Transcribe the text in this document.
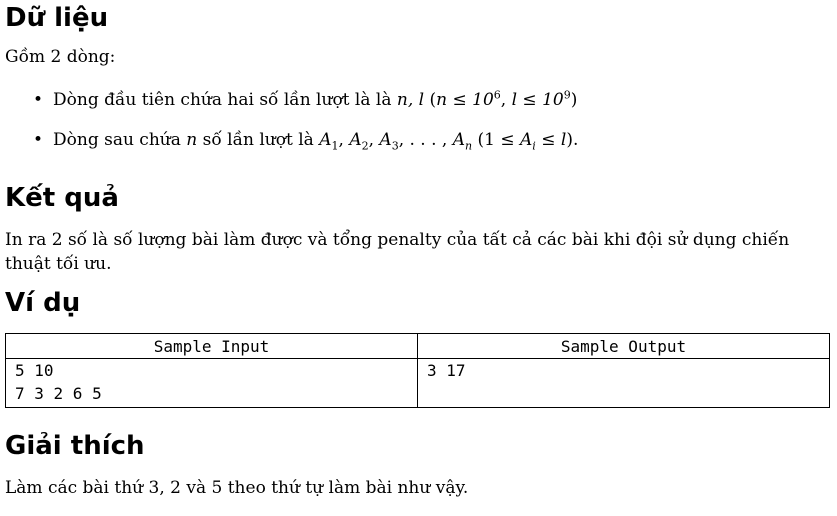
Dữ liệu

Gồm 2 dòng:

• Dòng đầu tiên chứa hai số lần lượt là là n, l ($n \le 10^6$, $l \le 10^9$)
• Dòng sau chứa n số lần lượt là $A_1$, $A_2$, $A_3$, . . . , $A_n$ $(1 \le A_i \le l)$.
Kết quả

In ra 2 số là số lượng bài làm được và tổng penalty của tất cả các bài khi đội sử dụng chiến thuật tối ưu.

Ví dụ
Sample Input	Sample Output

5 10
7 3 2 6 5	3 17
Giải thích

Làm các bài thứ 3, 2 và 5 theo thứ tự làm bài như vậy.
